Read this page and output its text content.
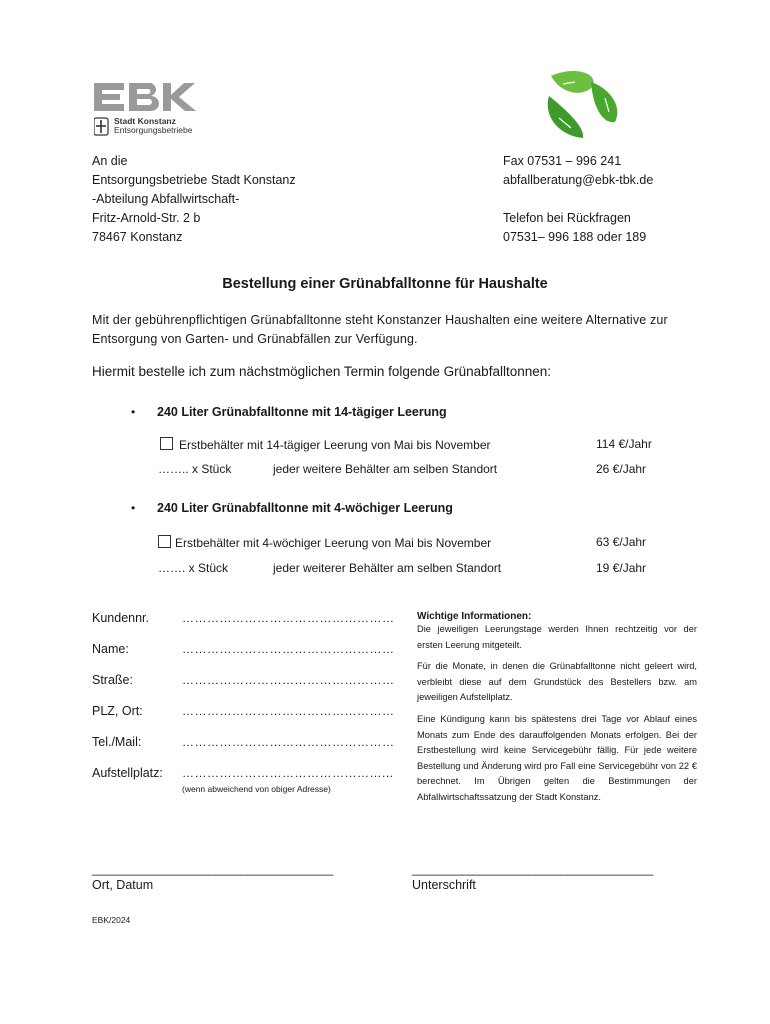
Stadt Konstanz
Entsorgungsbetriebe
An die
Entsorgungsbetriebe Stadt Konstanz
-Abteilung Abfallwirtschaft-
Fritz-Arnold-Str. 2 b
78467 Konstanz
Fax 07531 – 996 241
abfallberatung@ebk-tbk.de
Telefon bei Rückfragen
07531– 996 188 oder 189
Bestellung einer Grünabfalltonne für Haushalte
Mit der gebührenpflichtigen Grünabfalltonne steht Konstanzer Haushalten eine weitere Alternative zur Entsorgung von Garten- und Grünabfällen zur Verfügung.
Hiermit bestelle ich zum nächstmöglichen Termin folgende Grünabfalltonnen:
• 240 Liter Grünabfalltonne mit 14-tägiger Leerung
Erstbehälter mit 14-tägiger Leerung von Mai bis November	114 €/Jahr
…….. x Stück	jeder weitere Behälter am selben Standort	26 €/Jahr
• 240 Liter Grünabfalltonne mit 4-wöchiger Leerung
Erstbehälter mit 4-wöchiger Leerung von Mai bis November	63 €/Jahr
……. x Stück	jeder weiterer Behälter am selben Standort	19 €/Jahr
Kundennr.	……………………………………………
Name:	……………………………………………
Straße:	……………………………………………
PLZ, Ort:	……………………………………………
Tel./Mail:	……………………………………………
Aufstellplatz: …………………………………………...
(wenn abweichend von obiger Adresse)
Wichtige Informationen:

Die jeweiligen Leerungstage werden Ihnen rechtzeitig vor der ersten Leerung mitgeteilt.

Für die Monate, in denen die Grünabfalltonne nicht geleert wird, verbleibt diese auf dem Grundstück des Bestellers bzw. am jeweiligen Aufstellplatz.

Eine Kündigung kann bis spätestens drei Tage vor Ablauf eines Monats zum Ende des darauffolgenden Monats erfolgen. Bei der Erstbestellung wird keine Servicegebühr fällig. Für jede weitere Bestellung und Änderung wird pro Fall eine Servicegebühr von 22 € berechnet. Im Übrigen gelten die Bestimmungen der Abfallwirtschaftssatzung der Stadt Konstanz.

_______________________________________	_______________________________________
Ort, Datum	Unterschrift
EBK/2024
